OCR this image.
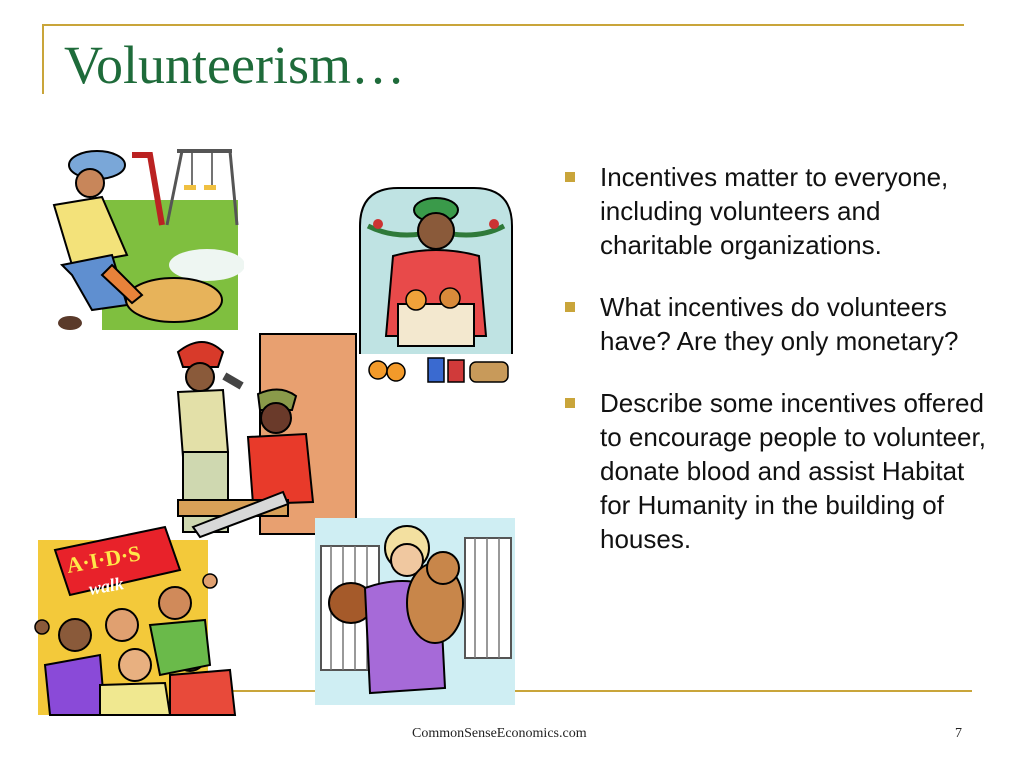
Volunteerism…
A·I·D·S
walk
Incentives matter to everyone, including volunteers and charitable organizations.
What incentives do volunteers have? Are they only monetary?
Describe some incentives offered to encourage people to volunteer, donate blood and assist Habitat for Humanity in the building of houses.
CommonSenseEconomics.com	7
